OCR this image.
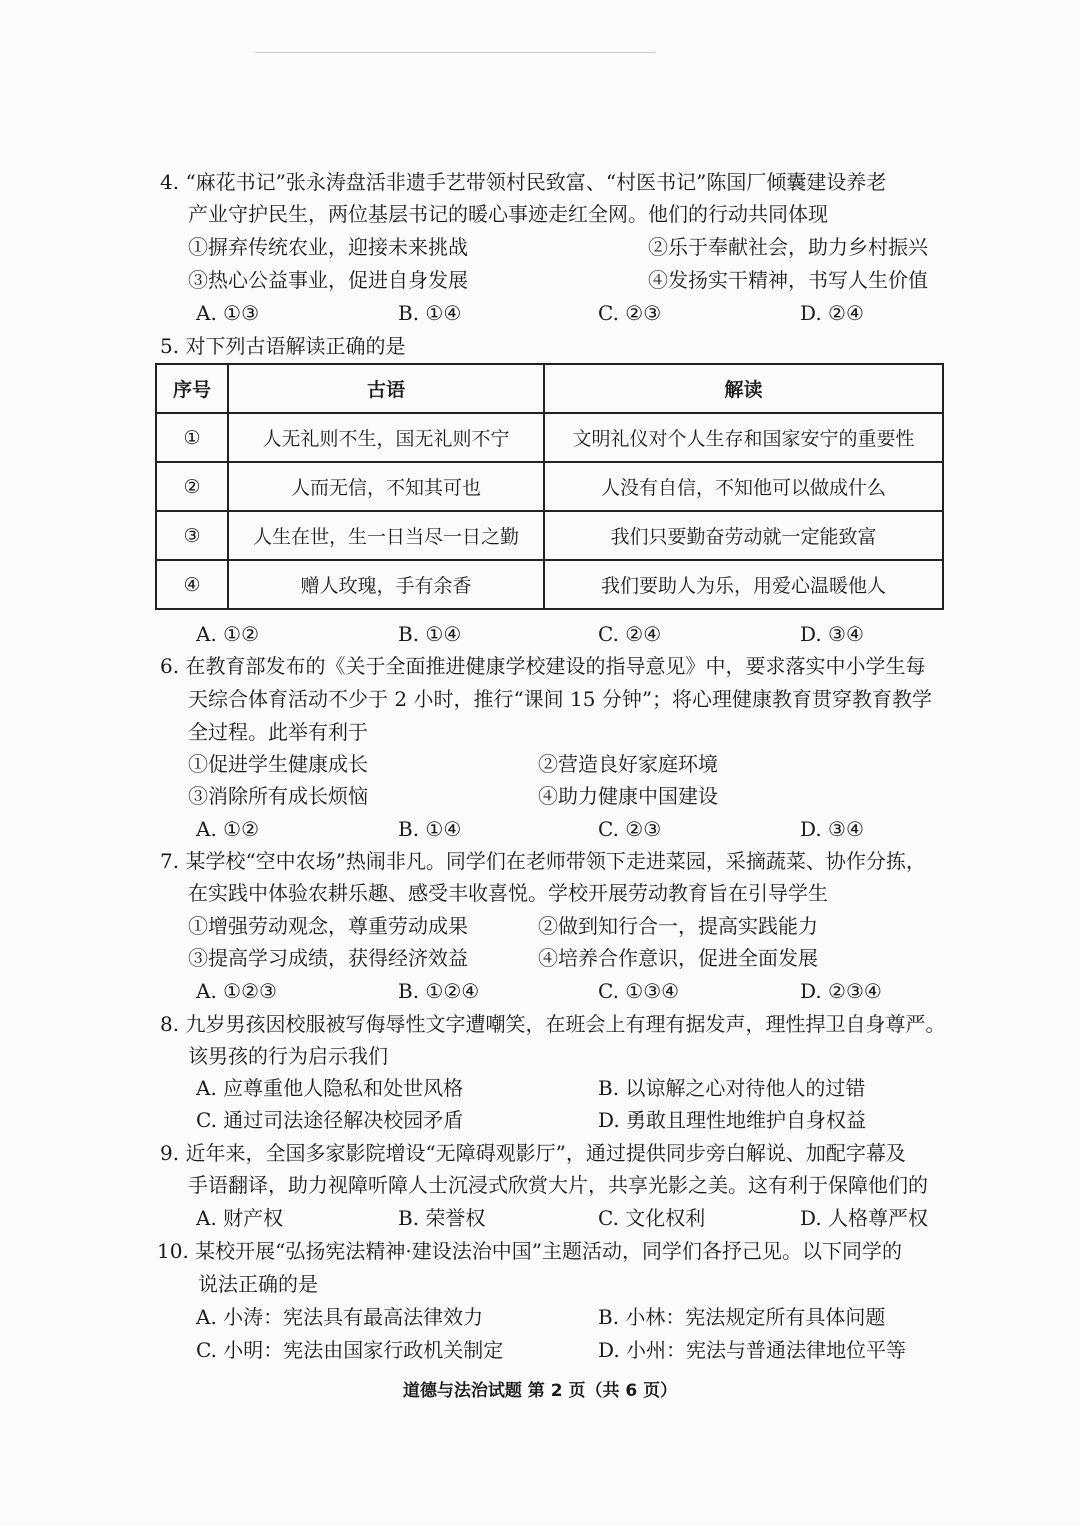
4. “麻花书记”张永涛盘活非遗手艺带领村民致富、“村医书记”陈国厂倾囊建设养老
产业守护民生，两位基层书记的暖心事迹走红全网。他们的行动共同体现
①摒弃传统农业，迎接未来挑战	②乐于奉献社会，助力乡村振兴
③热心公益事业，促进自身发展	④发扬实干精神，书写人生价值
A. ①③	B. ①④	C. ②③	D. ②④
5. 对下列古语解读正确的是
序号	古语	解读
①	人无礼则不生，国无礼则不宁	文明礼仪对个人生存和国家安宁的重要性
②	人而无信，不知其可也	人没有自信，不知他可以做成什么
③	人生在世，生一日当尽一日之勤	我们只要勤奋劳动就一定能致富
④	赠人玫瑰，手有余香	我们要助人为乐，用爱心温暖他人
A. ①②	B. ①④	C. ②④	D. ③④
6. 在教育部发布的《关于全面推进健康学校建设的指导意见》中，要求落实中小学生每
天综合体育活动不少于 2 小时，推行“课间 15 分钟”；将心理健康教育贯穿教育教学
全过程。此举有利于
①促进学生健康成长	②营造良好家庭环境
③消除所有成长烦恼	④助力健康中国建设
A. ①②	B. ①④	C. ②③	D. ③④
7. 某学校“空中农场”热闹非凡。同学们在老师带领下走进菜园，采摘蔬菜、协作分拣，
在实践中体验农耕乐趣、感受丰收喜悦。学校开展劳动教育旨在引导学生
①增强劳动观念，尊重劳动成果	②做到知行合一，提高实践能力
③提高学习成绩，获得经济效益	④培养合作意识，促进全面发展
A. ①②③	B. ①②④	C. ①③④	D. ②③④
8. 九岁男孩因校服被写侮辱性文字遭嘲笑，在班会上有理有据发声，理性捍卫自身尊严。
该男孩的行为启示我们
A. 应尊重他人隐私和处世风格	B. 以谅解之心对待他人的过错
C. 通过司法途径解决校园矛盾	D. 勇敢且理性地维护自身权益
9. 近年来，全国多家影院增设“无障碍观影厅”，通过提供同步旁白解说、加配字幕及
手语翻译，助力视障听障人士沉浸式欣赏大片，共享光影之美。这有利于保障他们的
A. 财产权	B. 荣誉权	C. 文化权利	D. 人格尊严权
10. 某校开展“弘扬宪法精神·建设法治中国”主题活动，同学们各抒己见。以下同学的
说法正确的是
A. 小涛：宪法具有最高法律效力	B. 小林：宪法规定所有具体问题
C. 小明：宪法由国家行政机关制定	D. 小州：宪法与普通法律地位平等
道德与法治试题 第 2 页（共 6 页）
